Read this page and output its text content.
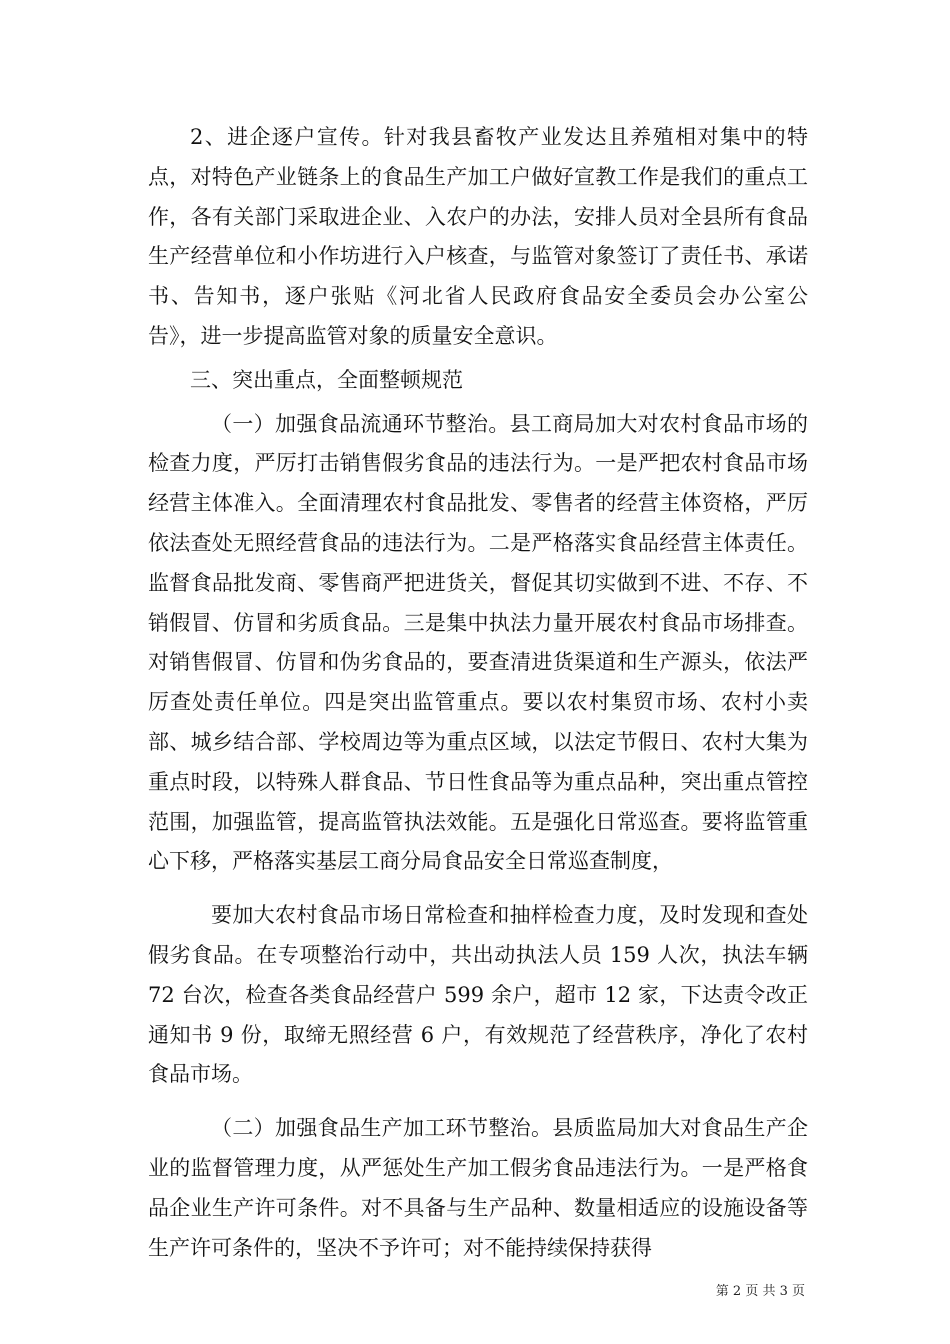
2、进企逐户宣传。针对我县畜牧产业发达且养殖相对集中的特点，对特色产业链条上的食品生产加工户做好宣教工作是我们的重点工作，各有关部门采取进企业、入农户的办法，安排人员对全县所有食品生产经营单位和小作坊进行入户核查，与监管对象签订了责任书、承诺书、告知书，逐户张贴《河北省人民政府食品安全委员会办公室公告》，进一步提高监管对象的质量安全意识。

三、突出重点，全面整顿规范

（一）加强食品流通环节整治。县工商局加大对农村食品市场的检查力度，严厉打击销售假劣食品的违法行为。一是严把农村食品市场经营主体准入。全面清理农村食品批发、零售者的经营主体资格，严厉依法查处无照经营食品的违法行为。二是严格落实食品经营主体责任。监督食品批发商、零售商严把进货关，督促其切实做到不进、不存、不销假冒、仿冒和劣质食品。三是集中执法力量开展农村食品市场排查。对销售假冒、仿冒和伪劣食品的，要查清进货渠道和生产源头，依法严厉查处责任单位。四是突出监管重点。要以农村集贸市场、农村小卖部、城乡结合部、学校周边等为重点区域，以法定节假日、农村大集为重点时段，以特殊人群食品、节日性食品等为重点品种，突出重点管控范围，加强监管，提高监管执法效能。五是强化日常巡查。要将监管重心下移，严格落实基层工商分局食品安全日常巡查制度，

要加大农村食品市场日常检查和抽样检查力度，及时发现和查处假劣食品。在专项整治行动中，共出动执法人员 159 人次，执法车辆 72 台次，检查各类食品经营户 599 余户，超市 12 家，下达责令改正通知书 9 份，取缔无照经营 6 户，有效规范了经营秩序，净化了农村食品市场。

（二）加强食品生产加工环节整治。县质监局加大对食品生产企业的监督管理力度，从严惩处生产加工假劣食品违法行为。一是严格食品企业生产许可条件。对不具备与生产品种、数量相适应的设施设备等生产许可条件的，坚决不予许可；对不能持续保持获得

第 2 页 共 3 页
